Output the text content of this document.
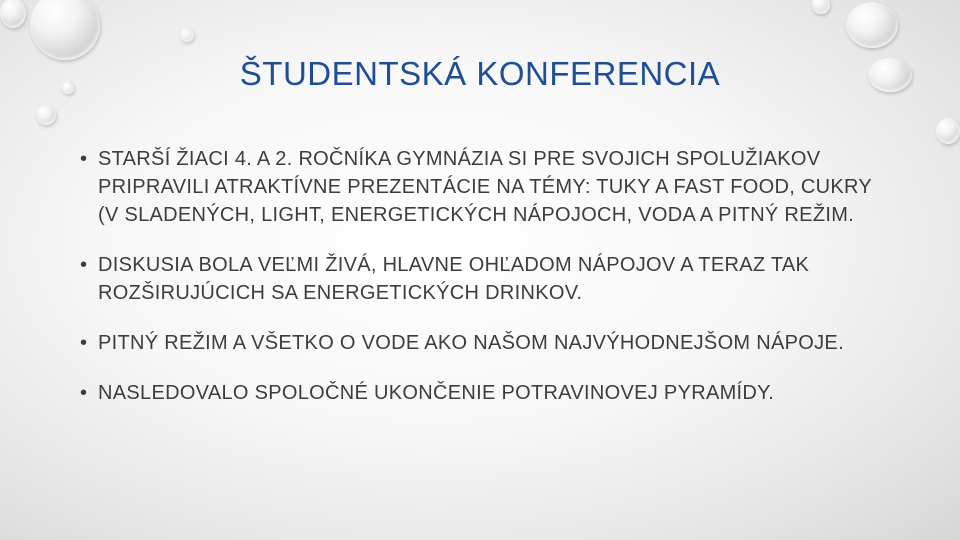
ŠTUDENTSKÁ KONFERENCIA
• STARŠÍ ŽIACI 4. A 2. ROČNÍKA GYMNÁZIA SI PRE SVOJICH SPOLUŽIAKOV PRIPRAVILI ATRAKTÍVNE PREZENTÁCIE NA TÉMY: TUKY A FAST FOOD, CUKRY (V SLADENÝCH, LIGHT, ENERGETICKÝCH NÁPOJOCH, VODA A PITNÝ REŽIM.
• DISKUSIA BOLA VEĽMI ŽIVÁ, HLAVNE OHĽADOM NÁPOJOV A TERAZ TAK ROZŠIRUJÚCICH SA ENERGETICKÝCH DRINKOV.
• PITNÝ REŽIM A VŠETKO O VODE AKO NAŠOM NAJVÝHODNEJŠOM NÁPOJE.
• NASLEDOVALO SPOLOČNÉ UKONČENIE POTRAVINOVEJ PYRAMÍDY.
